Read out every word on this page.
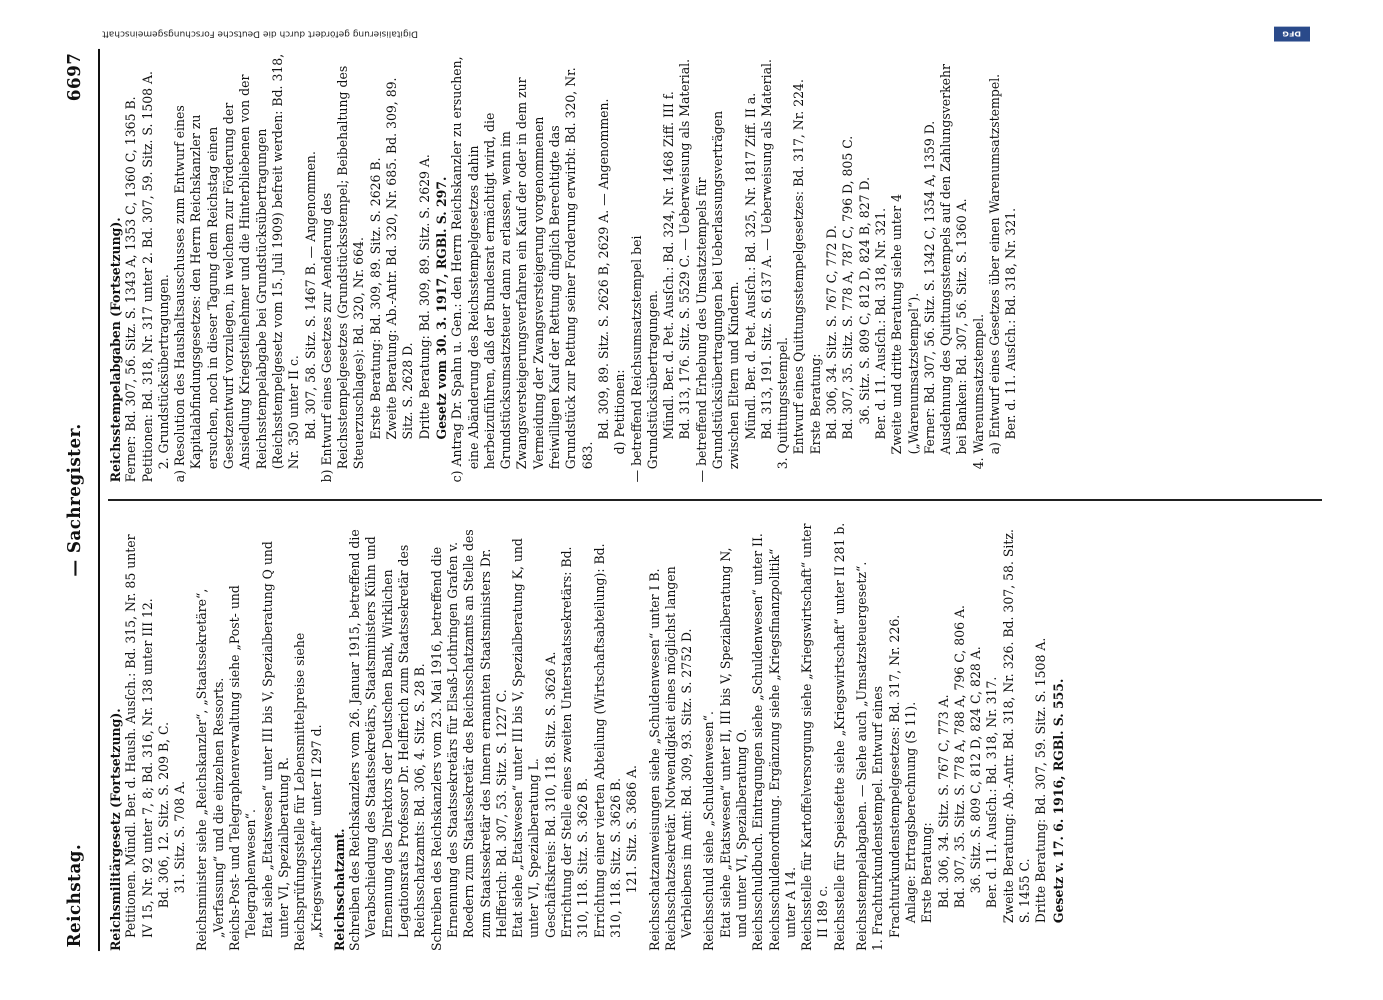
Reichstag.
— Sachregister.
6697

Reichsmilitärgesetz (Fortsetzung). Petitionen. Mündl. Ber. d. Haush. Ausſch.: Bd. 315, Nr. 85 unter IV 15, Nr. 92 unter 7, 8; Bd. 316, Nr. 138 unter III 12. Bd. 306, 12. Sitz. S. 209 B, C. 31. Sitz. S. 708 A. Reichsminister siehe „Reichskanzler“, „Staatssekretäre“, „Verfassung“ und die einzelnen Ressorts. Reichs-Post- und Telegraphenverwaltung siehe „Post- und Telegraphenwesen“. Etat siehe „Etatswesen“ unter III bis V, Spezialberatung Q und unter VI, Spezialberatung R. Reichsprüfungsstelle für Lebensmittelpreise siehe „Kriegswirtschaft“ unter II 297 d. Reichsschatzamt. Schreiben des Reichskanzlers vom 26. Januar 1915, betreffend die Verabschiedung des Staatssekretärs, Staatsministers Kühn und Ernennung des Direktors der Deutschen Bank, Wirklichen Legationsrats Professor Dr. Helfferich zum Staatssekretär des Reichsschatzamts: Bd. 306, 4. Sitz. S. 28 B. Schreiben des Reichskanzlers vom 23. Mai 1916, betreffend die Ernennung des Staatssekretärs für Elsaß-Lothringen Grafen v. Roedern zum Staatssekretär des Reichsschatzamts an Stelle des zum Staatssekretär des Innern ernannten Staatsministers Dr. Helfferich: Bd. 307, 53. Sitz. S. 1227 C. Etat siehe „Etatswesen“ unter III bis V, Spezialberatung K, und unter VI, Spezialberatung L. Geschäftskreis: Bd. 310, 118. Sitz. S. 3626 A. Errichtung der Stelle eines zweiten Unterstaatssekretärs: Bd. 310, 118. Sitz. S. 3626 B. Errichtung einer vierten Abteilung (Wirtschaftsabteilung): Bd. 310, 118. Sitz. S. 3626 B. 121. Sitz. S. 3686 A. Reichsschatzanweisungen siehe „Schuldenwesen“ unter I B. Reichsschatzsekretär. Notwendigkeit eines möglichst langen Verbleibens im Amt: Bd. 309, 93. Sitz. S. 2752 D. Reichsschuld siehe „Schuldenwesen“. Etat siehe „Etatswesen“ unter II, III bis V, Spezialberatung N, und unter VI, Spezialberatung O. Reichsschuldbuch. Eintragungen siehe „Schuldenwesen“ unter II. Reichsschuldenordnung. Ergänzung siehe „Kriegsfinanzpolitik“ unter A 14. Reichsstelle für Kartoffelversorgung siehe „Kriegswirtschaft“ unter II 189 c. Reichsstelle für Speisefette siehe „Kriegswirtschaft“ unter II 281 b. Reichsstempelabgaben. — Siehe auch „Umsatzsteuergesetz“. 1. Frachturkundenstempel. Entwurf eines Frachturkundenstempelgesetzes: Bd. 317, Nr. 226. Anlage: Ertragsberechnung (S 11). Erste Beratung: Bd. 306, 34. Sitz. S. 767 C, 773 A. Bd. 307, 35. Sitz. S. 778 A, 788 A, 796 C, 806 A. 36. Sitz. S. 809 C, 812 D, 824 C, 828 A. Ber. d. 11. Ausſch.: Bd. 318, Nr. 317. Zweite Beratung: Ab.-Antr. Bd. 318, Nr. 326. Bd. 307, 58. Sitz. S. 1455 C. Dritte Beratung: Bd. 307, 59. Sitz. S. 1508 A. Gesetz v. 17. 6. 1916, RGBl. S. 555.

Reichsstempelabgaben (Fortsetzung). Ferner: Bd. 307, 56. Sitz. S. 1343 A, 1353 C, 1360 C, 1365 B. Petitionen: Bd. 318, Nr. 317 unter 2. Bd. 307, 59. Sitz. S. 1508 A. 2. Grundstücksübertragungen. a) Resolution des Haushaltsausschusses zum Entwurf eines Kapitalabfindungsgesetzes: den Herrn Reichskanzler zu ersuchen, noch in dieser Tagung dem Reichstag einen Gesetzentwurf vorzulegen, in welchem zur Förderung der Ansiedlung Kriegsteilnehmer und die Hinterbliebenen von der Reichsstempelabgabe bei Grundstücksübertragungen (Reichsstempelgesetz vom 15. Juli 1909) befreit werden: Bd. 318, Nr. 350 unter II c. Bd. 307, 58. Sitz. S. 1467 B. — Angenommen. b) Entwurf eines Gesetzes zur Aenderung des Reichsstempelgesetzes (Grundstücksstempel; Beibehaltung des Steuerzuschlages): Bd. 320, Nr. 664. Erste Beratung: Bd. 309, 89. Sitz. S. 2626 B. Zweite Beratung: Ab.-Antr. Bd. 320, Nr. 685. Bd. 309, 89. Sitz. S. 2628 D. Dritte Beratung: Bd. 309, 89. Sitz. S. 2629 A. Gesetz vom 30. 3. 1917, RGBl. S. 297. c) Antrag Dr. Spahn u. Gen.: den Herrn Reichskanzler zu ersuchen, eine Abänderung des Reichsstempelgesetzes dahin herbeizuführen, daß der Bundesrat ermächtigt wird, die Grundstücksumsatzsteuer dann zu erlassen, wenn im Zwangsversteigerungsverfahren ein Kauf der oder in dem zur Vermeidung der Zwangsversteigerung vorgenommenen freiwilligen Kauf der Rettung dinglich Berechtigte das Grundstück zur Rettung seiner Forderung erwirbt: Bd. 320, Nr. 683.

Bd. 309, 89. Sitz. S. 2626 B, 2629 A. — Angenommen. d) Petitionen: — betreffend Reichsumsatzstempel bei Grundstücksübertragungen. Mündl. Ber. d. Pet. Ausſch.: Bd. 324, Nr. 1468 Ziff. III f. Bd. 313, 176. Sitz. S. 5529 C. — Ueberweisung als Material. — betreffend Erhebung des Umsatzstempels für Grundstücksübertragungen bei Ueberlassungsverträgen zwischen Eltern und Kindern. Mündl. Ber. d. Pet. Ausſch.: Bd. 325, Nr. 1817 Ziff. II a. Bd. 313, 191. Sitz. S. 6137 A. — Ueberweisung als Material. 3. Quittungsstempel. Entwurf eines Quittungsstempelgesetzes: Bd. 317, Nr. 224. Erste Beratung: Bd. 306, 34. Sitz. S. 767 C, 772 D. Bd. 307, 35. Sitz. S. 778 A, 787 C, 796 D, 805 C. 36. Sitz. S. 809 C, 812 D, 824 B, 827 D. Ber. d. 11. Ausſch.: Bd. 318, Nr. 321. Zweite und dritte Beratung siehe unter 4 („Warenumsatzstempel“). Ferner: Bd. 307, 56. Sitz. S. 1342 C, 1354 A, 1359 D. Ausdehnung des Quittungsstempels auf den Zahlungsverkehr bei Banken: Bd. 307, 56. Sitz. S. 1360 A. 4. Warenumsatzstempel. a) Entwurf eines Gesetzes über einen Warenumsatzstempel. Ber. d. 11. Ausſch.: Bd. 318, Nr. 321.

Digitalisierung gefördert durch die Deutsche Forschungsgemeinschaft	DFG
